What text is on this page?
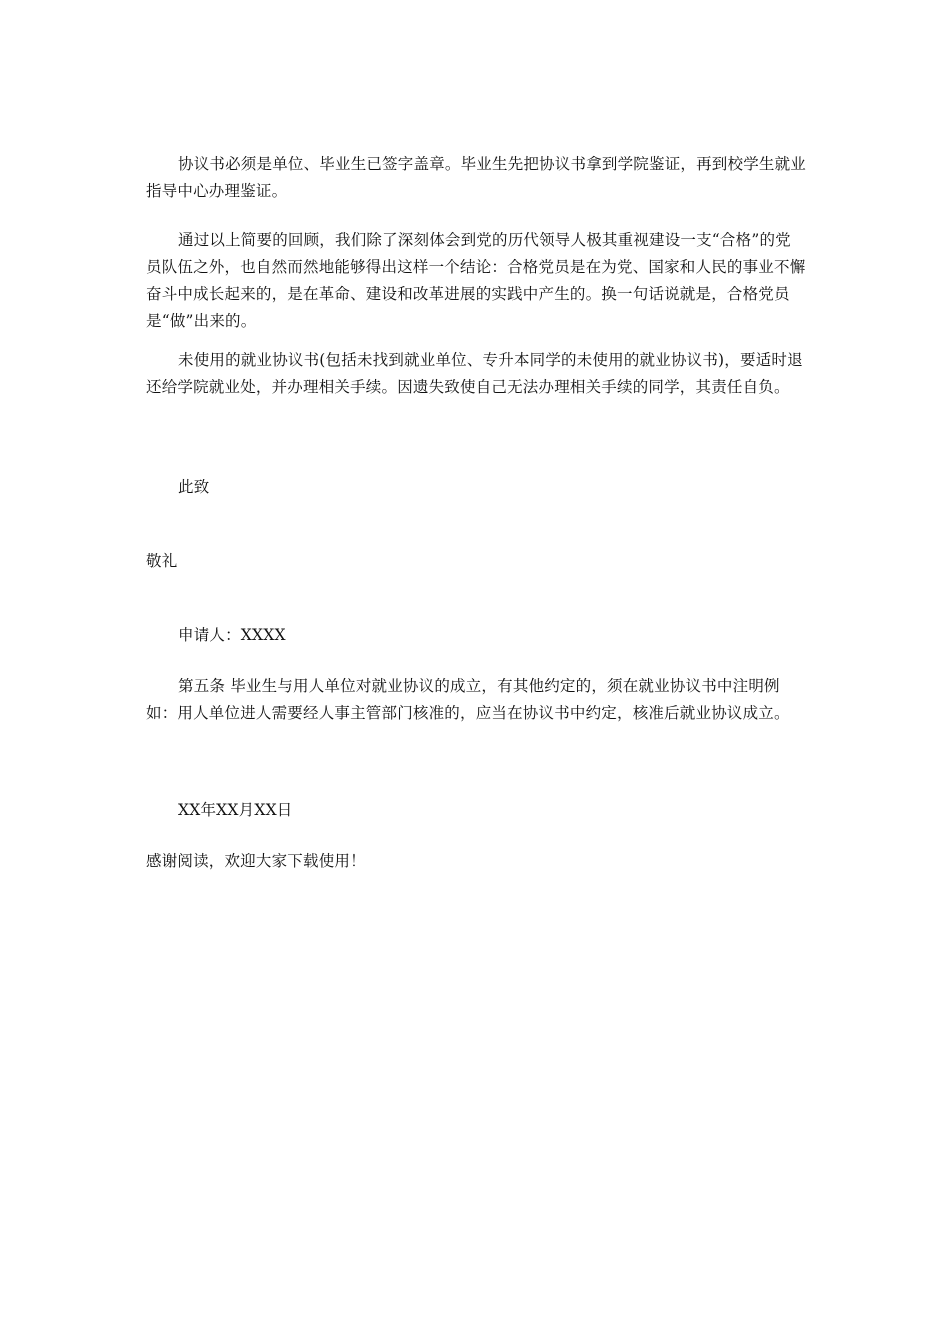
协议书必须是单位、毕业生已签字盖章。毕业生先把协议书拿到学院鉴证，再到校学生就业指导中心办理鉴证。

通过以上简要的回顾，我们除了深刻体会到党的历代领导人极其重视建设一支“合格”的党员队伍之外，也自然而然地能够得出这样一个结论：合格党员是在为党、国家和人民的事业不懈奋斗中成长起来的，是在革命、建设和改革进展的实践中产生的。换一句话说就是，合格党员是“做”出来的。

未使用的就业协议书(包括未找到就业单位、专升本同学的未使用的就业协议书)，要适时退还给学院就业处，并办理相关手续。因遗失致使自己无法办理相关手续的同学，其责任自负。

此致

敬礼

申请人：XXXX

第五条 毕业生与用人单位对就业协议的成立，有其他约定的，须在就业协议书中注明例如：用人单位进人需要经人事主管部门核准的，应当在协议书中约定，核准后就业协议成立。

XX年XX月XX日

感谢阅读，欢迎大家下载使用！
